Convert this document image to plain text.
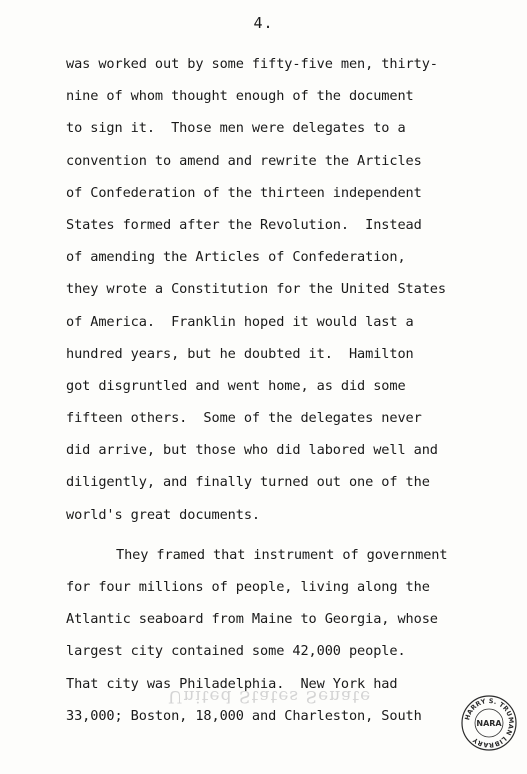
4.
United States Senate
was worked out by some fifty-five men, thirty-
nine of whom thought enough of the document
to sign it.  Those men were delegates to a
convention to amend and rewrite the Articles
of Confederation of the thirteen independent
States formed after the Revolution.  Instead
of amending the Articles of Confederation,
they wrote a Constitution for the United States
of America.  Franklin hoped it would last a
hundred years, but he doubted it.  Hamilton
got disgruntled and went home, as did some
fifteen others.  Some of the delegates never
did arrive, but those who did labored well and
diligently, and finally turned out one of the
world's great documents.
They framed that instrument of government
for four millions of people, living along the
Atlantic seaboard from Maine to Georgia, whose
largest city contained some 42,000 people.
That city was Philadelphia.  New York had
33,000; Boston, 18,000 and Charleston, South	HARRY S. TRUMAN LIBRARY
NARA
